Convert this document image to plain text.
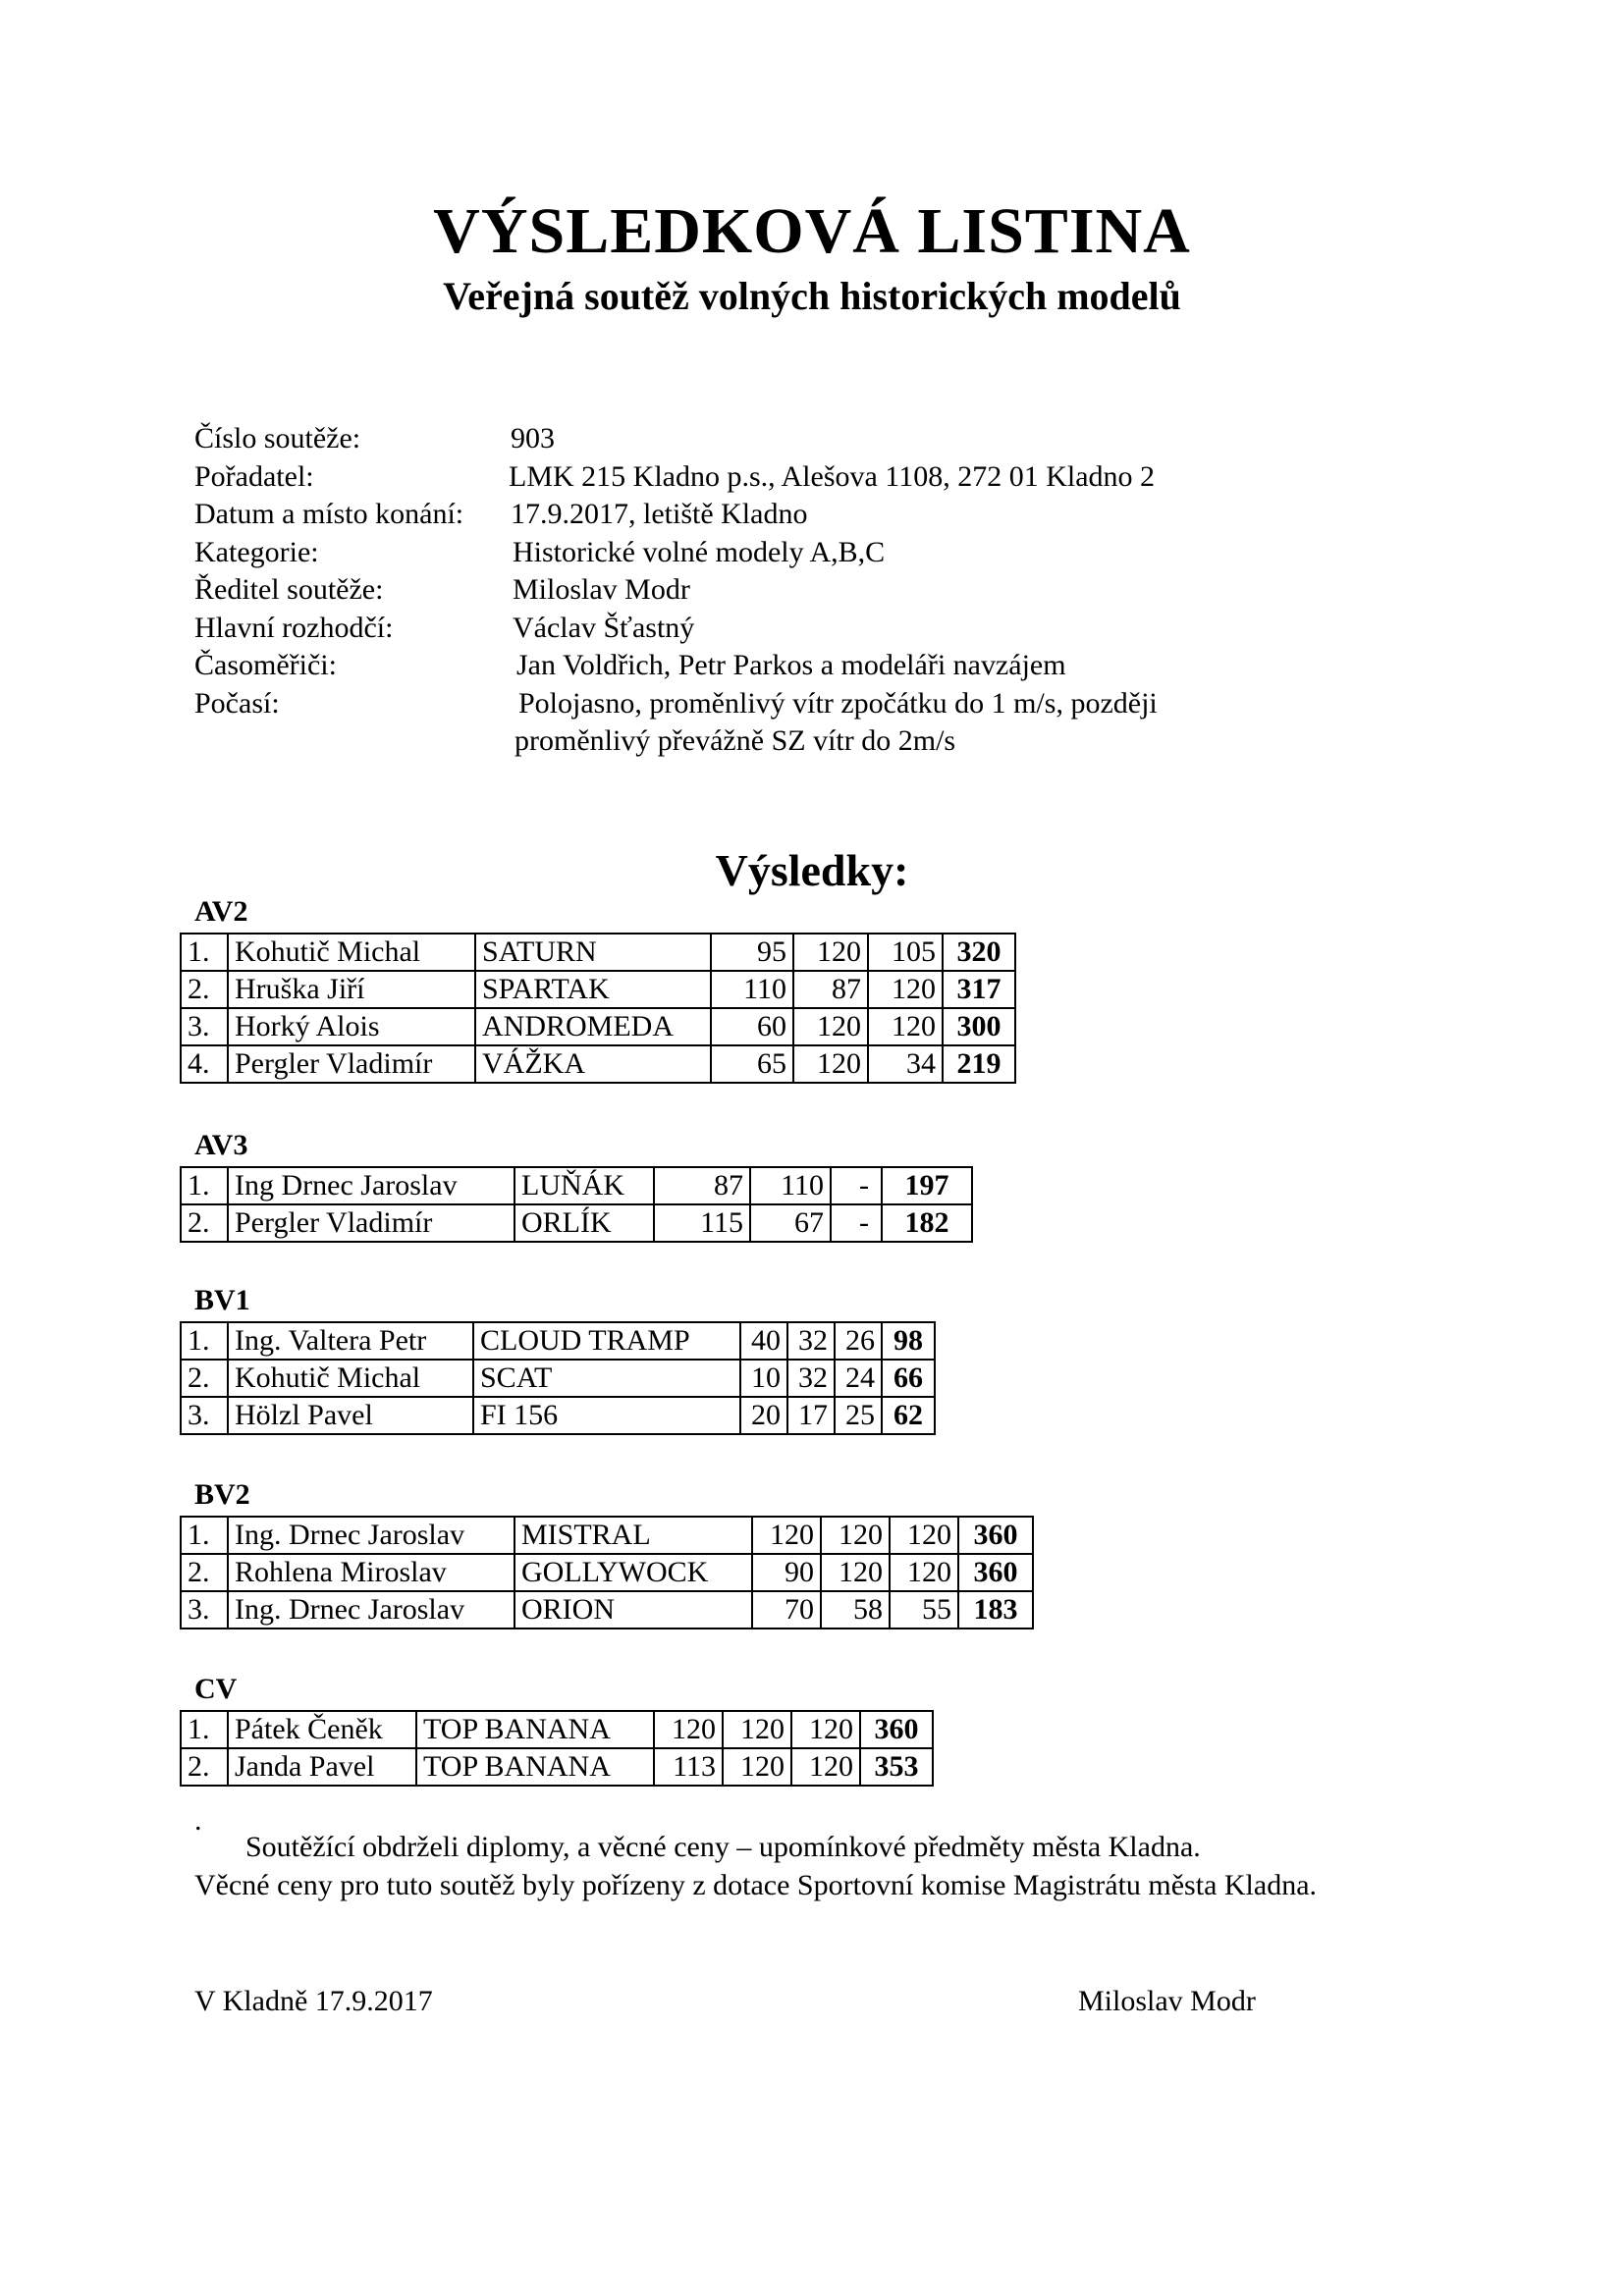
VÝSLEDKOVÁ LISTINA
Veřejná soutěž volných historických modelů
Číslo soutěže:	903
Pořadatel:	LMK 215 Kladno p.s., Alešova 1108, 272 01 Kladno 2
Datum a místo konání: 17.9.2017, letiště Kladno
Kategorie:	Historické volné modely A,B,C
Ředitel soutěže:	Miloslav Modr
Hlavní rozhodčí:	Václav Šťastný
Časoměřiči:	Jan Voldřich, Petr Parkos a modeláři navzájem
Počasí:	Polojasno, proměnlivý vítr zpočátku do 1 m/s, později
proměnlivý převážně SZ vítr do 2m/s
Výsledky:
AV2
1.	Kohutič Michal	SATURN	95	120	105	320
2.	Hruška Jiří	SPARTAK	110	87	120	317
3.	Horký Alois	ANDROMEDA	60	120	120	300
4.	Pergler Vladimír	VÁŽKA	65	120	34	219
AV3
1.	Ing Drnec Jaroslav	LUŇÁK	87	110	-	197
2.	Pergler Vladimír	ORLÍK	115	67	-	182
BV1
1.	Ing. Valtera Petr	CLOUD TRAMP	40	32	26	98
2.	Kohutič Michal	SCAT	10	32	24	66
3.	Hölzl Pavel	FI 156	20	17	25	62
BV2
1.	Ing. Drnec Jaroslav	MISTRAL	120	120	120	360
2.	Rohlena Miroslav	GOLLYWOCK	90	120	120	360
3.	Ing. Drnec Jaroslav	ORION	70	58	55	183
CV
1.	Pátek Čeněk	TOP BANANA	120	120	120	360
2.	Janda Pavel	TOP BANANA	113	120	120	353
.
Soutěžící obdrželi diplomy, a věcné ceny – upomínkové předměty města Kladna.
Věcné ceny pro tuto soutěž byly pořízeny z dotace Sportovní komise Magistrátu města Kladna.
V Kladně 17.9.2017	Miloslav Modr
